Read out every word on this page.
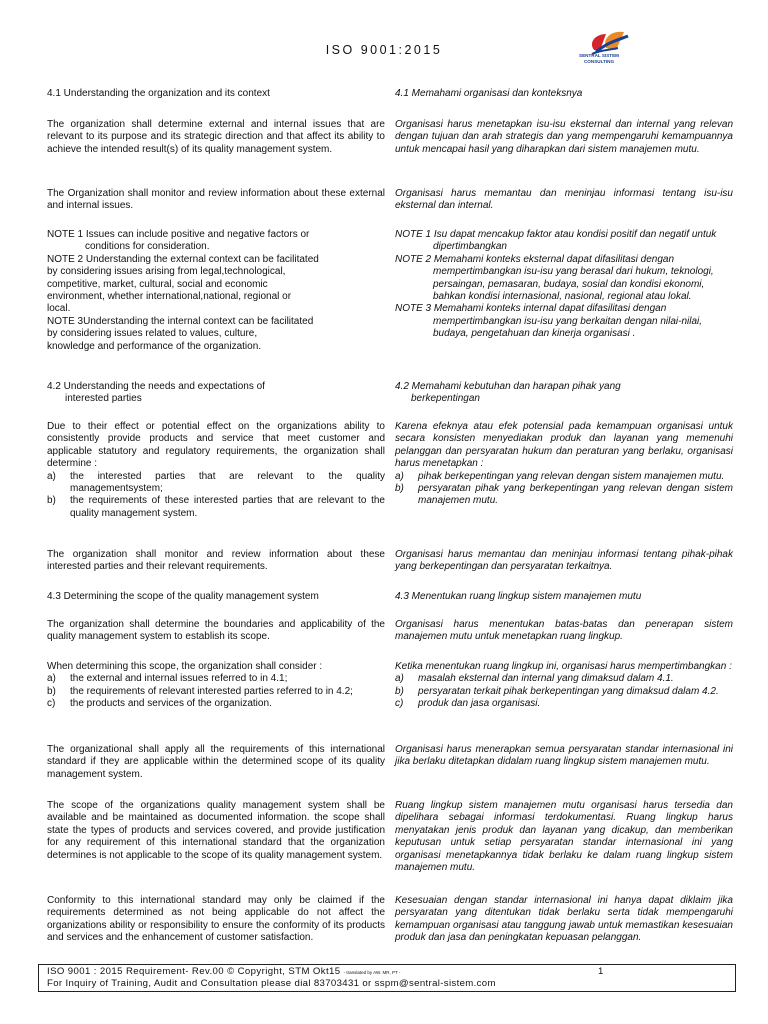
ISO 9001:2015	SENTRAL SISTEM
CONSULTING
4.1 Understanding the organization and its context
The organization shall determine external and internal issues that are relevant to its purpose and its strategic direction and that affect its ability to achieve the intended result(s) of its quality management system.
The Organization shall monitor and review information about these external and internal issues.
NOTE 1 Issues can include positive and negative factors or
conditions for consideration.
NOTE 2 Understanding the external context can be facilitated
by considering issues arising from legal,technological,
competitive, market, cultural, social and economic
environment, whether international,national, regional or
local.
NOTE 3Understanding the internal context can be facilitated
by considering issues related to values, culture,
knowledge and performance of the organization.
4.2 Understanding the needs and expectations of
interested parties
Due to their effect or potential effect on the organizations ability to consistently provide products and service that meet customer and applicable statutory and regulatory requirements, the organization shall determine :
a)	the interested parties that are relevant to the quality managementsystem;
b)	the requirements of these interested parties that are relevant to the quality management system.
The organization shall monitor and review information about these interested parties and their relevant requirements.
4.3 Determining the scope of the quality management system
The organization shall determine the boundaries and applicability of the quality management system to establish its scope.
When determining this scope, the organization shall consider :
a)	the external and internal issues referred to in 4.1;
b)	the requirements of relevant interested parties referred to in 4.2;
c)	the products and services of the organization.
The organizational shall apply all the requirements of this international standard if they are applicable within the determined scope of its quality management system.
The scope of the organizations quality management system shall be available and be maintained as documented information. the scope shall state the types of products and services covered, and provide justification for any requirement of this international standard that the organization determines is not applicable to the scope of its quality management system.
Conformity to this international standard may only be claimed if the requirements determined as not being applicable do not affect the organizations ability or responsibility to ensure the conformity of its products and services and the enhancement of customer satisfaction.
4.1 Memahami organisasi dan konteksnya
Organisasi harus menetapkan isu-isu eksternal dan internal yang relevan dengan tujuan dan arah strategis dan yang mempengaruhi kemampuannya untuk mencapai hasil yang diharapkan dari sistem manajemen mutu.
Organisasi harus memantau dan meninjau informasi tentang isu-isu eksternal dan internal.
NOTE 1 Isu dapat mencakup faktor atau kondisi positif dan negatif untuk dipertimbangkan
NOTE 2 Memahami konteks eksternal dapat difasilitasi dengan mempertimbangkan isu-isu yang berasal dari hukum, teknologi, persaingan, pemasaran, budaya, sosial dan kondisi ekonomi, bahkan kondisi internasional, nasional, regional atau lokal.
NOTE 3 Memahami konteks internal dapat difasilitasi dengan mempertimbangkan isu-isu yang berkaitan dengan nilai-nilai, budaya, pengetahuan dan kinerja organisasi .
4.2 Memahami kebutuhan dan harapan pihak yang
berkepentingan
Karena efeknya atau efek potensial pada kemampuan organisasi untuk secara konsisten menyediakan produk dan layanan yang memenuhi pelanggan dan persyaratan hukum dan peraturan yang berlaku, organisasi harus menetapkan :
a)	pihak berkepentingan yang relevan dengan sistem manajemen mutu.
b)	persyaratan pihak yang berkepentingan yang relevan dengan sistem manajemen mutu.
Organisasi harus memantau dan meninjau informasi tentang pihak-pihak yang berkepentingan dan persyaratan terkaitnya.
4.3 Menentukan ruang lingkup sistem manajemen mutu
Organisasi harus menentukan batas-batas dan penerapan sistem manajemen mutu untuk menetapkan ruang lingkup.
Ketika menentukan ruang lingkup ini, organisasi harus mempertimbangkan :
a)	masalah eksternal dan internal yang dimaksud dalam 4.1.
b)	persyaratan terkait pihak berkepentingan yang dimaksud dalam 4.2.
c)	produk dan jasa organisasi.
Organisasi harus menerapkan semua persyaratan standar internasional ini jika berlaku ditetapkan didalam ruang lingkup sistem manajemen mutu.
Ruang lingkup sistem manajemen mutu organisasi harus tersedia dan dipelihara sebagai informasi terdokumentasi. Ruang lingkup harus menyatakan jenis produk dan layanan yang dicakup, dan memberikan keputusan untuk setiap persyaratan standar internasional ini yang organisasi menetapkannya tidak berlaku ke dalam ruang lingkup sistem manajemen mutu.
Kesesuaian dengan standar internasional ini hanya dapat diklaim jika persyaratan yang ditentukan tidak berlaku serta tidak mempengaruhi kemampuan organisasi atau tanggung jawab untuk memastikan kesesuaian produk dan jasa dan peningkatan kepuasan pelanggan.
ISO 9001 : 2015 Requirement- Rev.00 © Copyright, STM Okt15 - translated by AW. MR, PT -	1
For Inquiry of Training, Audit and Consultation please dial 83703431 or sspm@sentral-sistem.com
